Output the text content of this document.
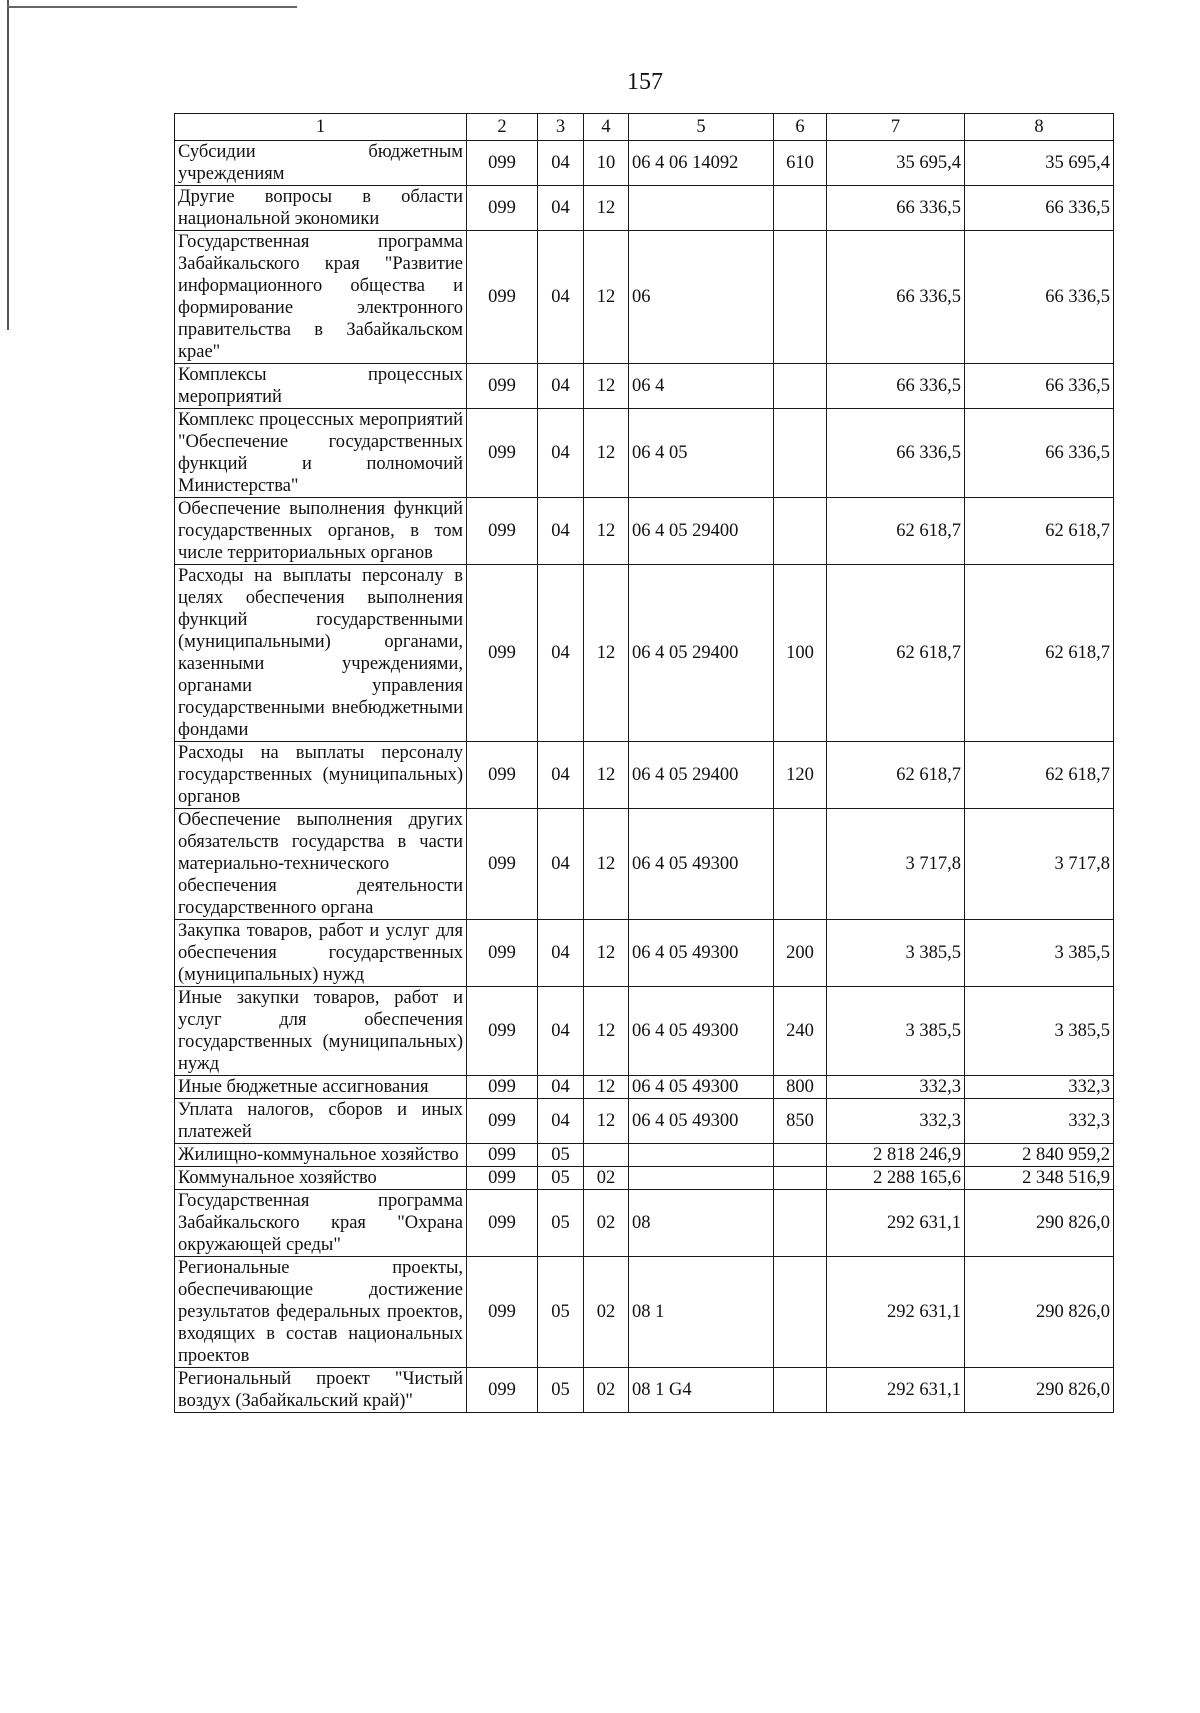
157
1	2	3	4	5	6	7	8
Субсидии бюджетным учреждениям	099	04	10	06 4 06 14092	610	35 695,4	35 695,4
Другие вопросы в области национальной экономики	099	04	12			66 336,5	66 336,5
Государственная программа Забайкальского края "Развитие информационного общества и формирование электронного правительства в Забайкальском крае"	099	04	12	06		66 336,5	66 336,5
Комплексы процессных мероприятий	099	04	12	06 4		66 336,5	66 336,5
Комплекс процессных мероприятий "Обеспечение государственных функций и полномочий Министерства"	099	04	12	06 4 05		66 336,5	66 336,5
Обеспечение выполнения функций государственных органов, в том числе территориальных органов	099	04	12	06 4 05 29400		62 618,7	62 618,7
Расходы на выплаты персоналу в целях обеспечения выполнения функций государственными (муниципальными) органами, казенными учреждениями, органами управления государственными внебюджетными фондами	099	04	12	06 4 05 29400	100	62 618,7	62 618,7
Расходы на выплаты персоналу государственных (муниципальных) органов	099	04	12	06 4 05 29400	120	62 618,7	62 618,7
Обеспечение выполнения других обязательств государства в части материально-технического обеспечения деятельности государственного органа	099	04	12	06 4 05 49300		3 717,8	3 717,8
Закупка товаров, работ и услуг для обеспечения государственных (муниципальных) нужд	099	04	12	06 4 05 49300	200	3 385,5	3 385,5
Иные закупки товаров, работ и услуг для обеспечения государственных (муниципальных) нужд	099	04	12	06 4 05 49300	240	3 385,5	3 385,5
Иные бюджетные ассигнования	099	04	12	06 4 05 49300	800	332,3	332,3
Уплата налогов, сборов и иных платежей	099	04	12	06 4 05 49300	850	332,3	332,3
Жилищно-коммунальное хозяйство	099	05				2 818 246,9	2 840 959,2
Коммунальное хозяйство	099	05	02			2 288 165,6	2 348 516,9
Государственная программа Забайкальского края "Охрана окружающей среды"	099	05	02	08		292 631,1	290 826,0
Региональные проекты, обеспечивающие достижение результатов федеральных проектов, входящих в состав национальных проектов	099	05	02	08 1		292 631,1	290 826,0
Региональный проект "Чистый воздух (Забайкальский край)"	099	05	02	08 1 G4		292 631,1	290 826,0
